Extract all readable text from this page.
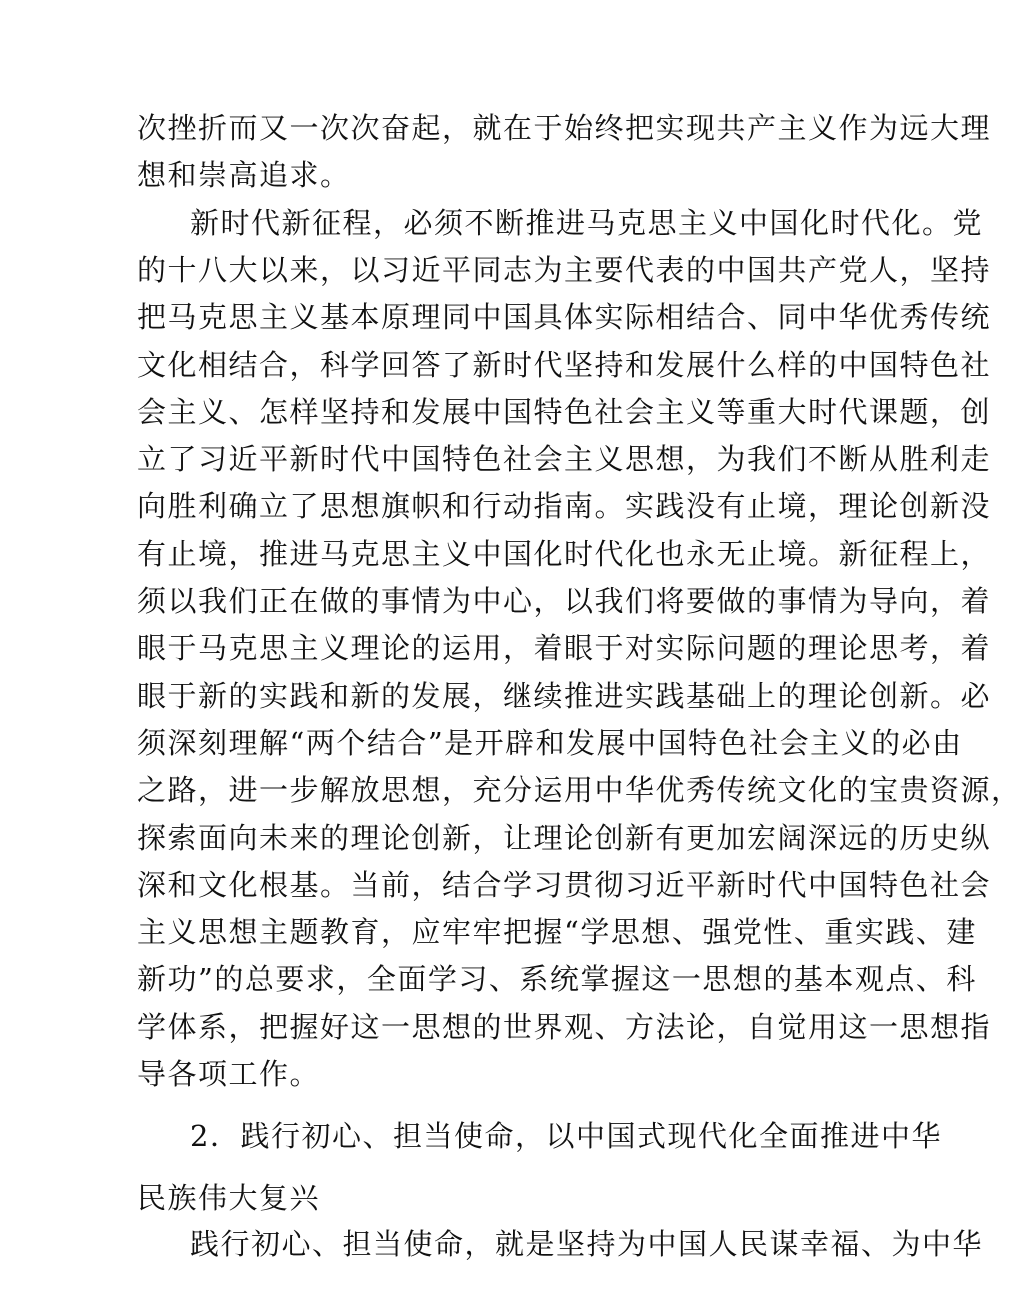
次挫折而又一次次奋起，就在于始终把实现共产主义作为远大理
想和崇高追求。
新时代新征程，必须不断推进马克思主义中国化时代化。党
的十八大以来，以习近平同志为主要代表的中国共产党人，坚持
把马克思主义基本原理同中国具体实际相结合、同中华优秀传统
文化相结合，科学回答了新时代坚持和发展什么样的中国特色社
会主义、怎样坚持和发展中国特色社会主义等重大时代课题，创
立了习近平新时代中国特色社会主义思想，为我们不断从胜利走
向胜利确立了思想旗帜和行动指南。实践没有止境，理论创新没
有止境，推进马克思主义中国化时代化也永无止境。新征程上，
须以我们正在做的事情为中心，以我们将要做的事情为导向，着
眼于马克思主义理论的运用，着眼于对实际问题的理论思考，着
眼于新的实践和新的发展，继续推进实践基础上的理论创新。必
须深刻理解“两个结合”是开辟和发展中国特色社会主义的必由
之路，进一步解放思想，充分运用中华优秀传统文化的宝贵资源，
探索面向未来的理论创新，让理论创新有更加宏阔深远的历史纵
深和文化根基。当前，结合学习贯彻习近平新时代中国特色社会
主义思想主题教育，应牢牢把握“学思想、强党性、重实践、建
新功”的总要求，全面学习、系统掌握这一思想的基本观点、科
学体系，把握好这一思想的世界观、方法论，自觉用这一思想指
导各项工作。
2．践行初心、担当使命，以中国式现代化全面推进中华
民族伟大复兴
践行初心、担当使命，就是坚持为中国人民谋幸福、为中华
